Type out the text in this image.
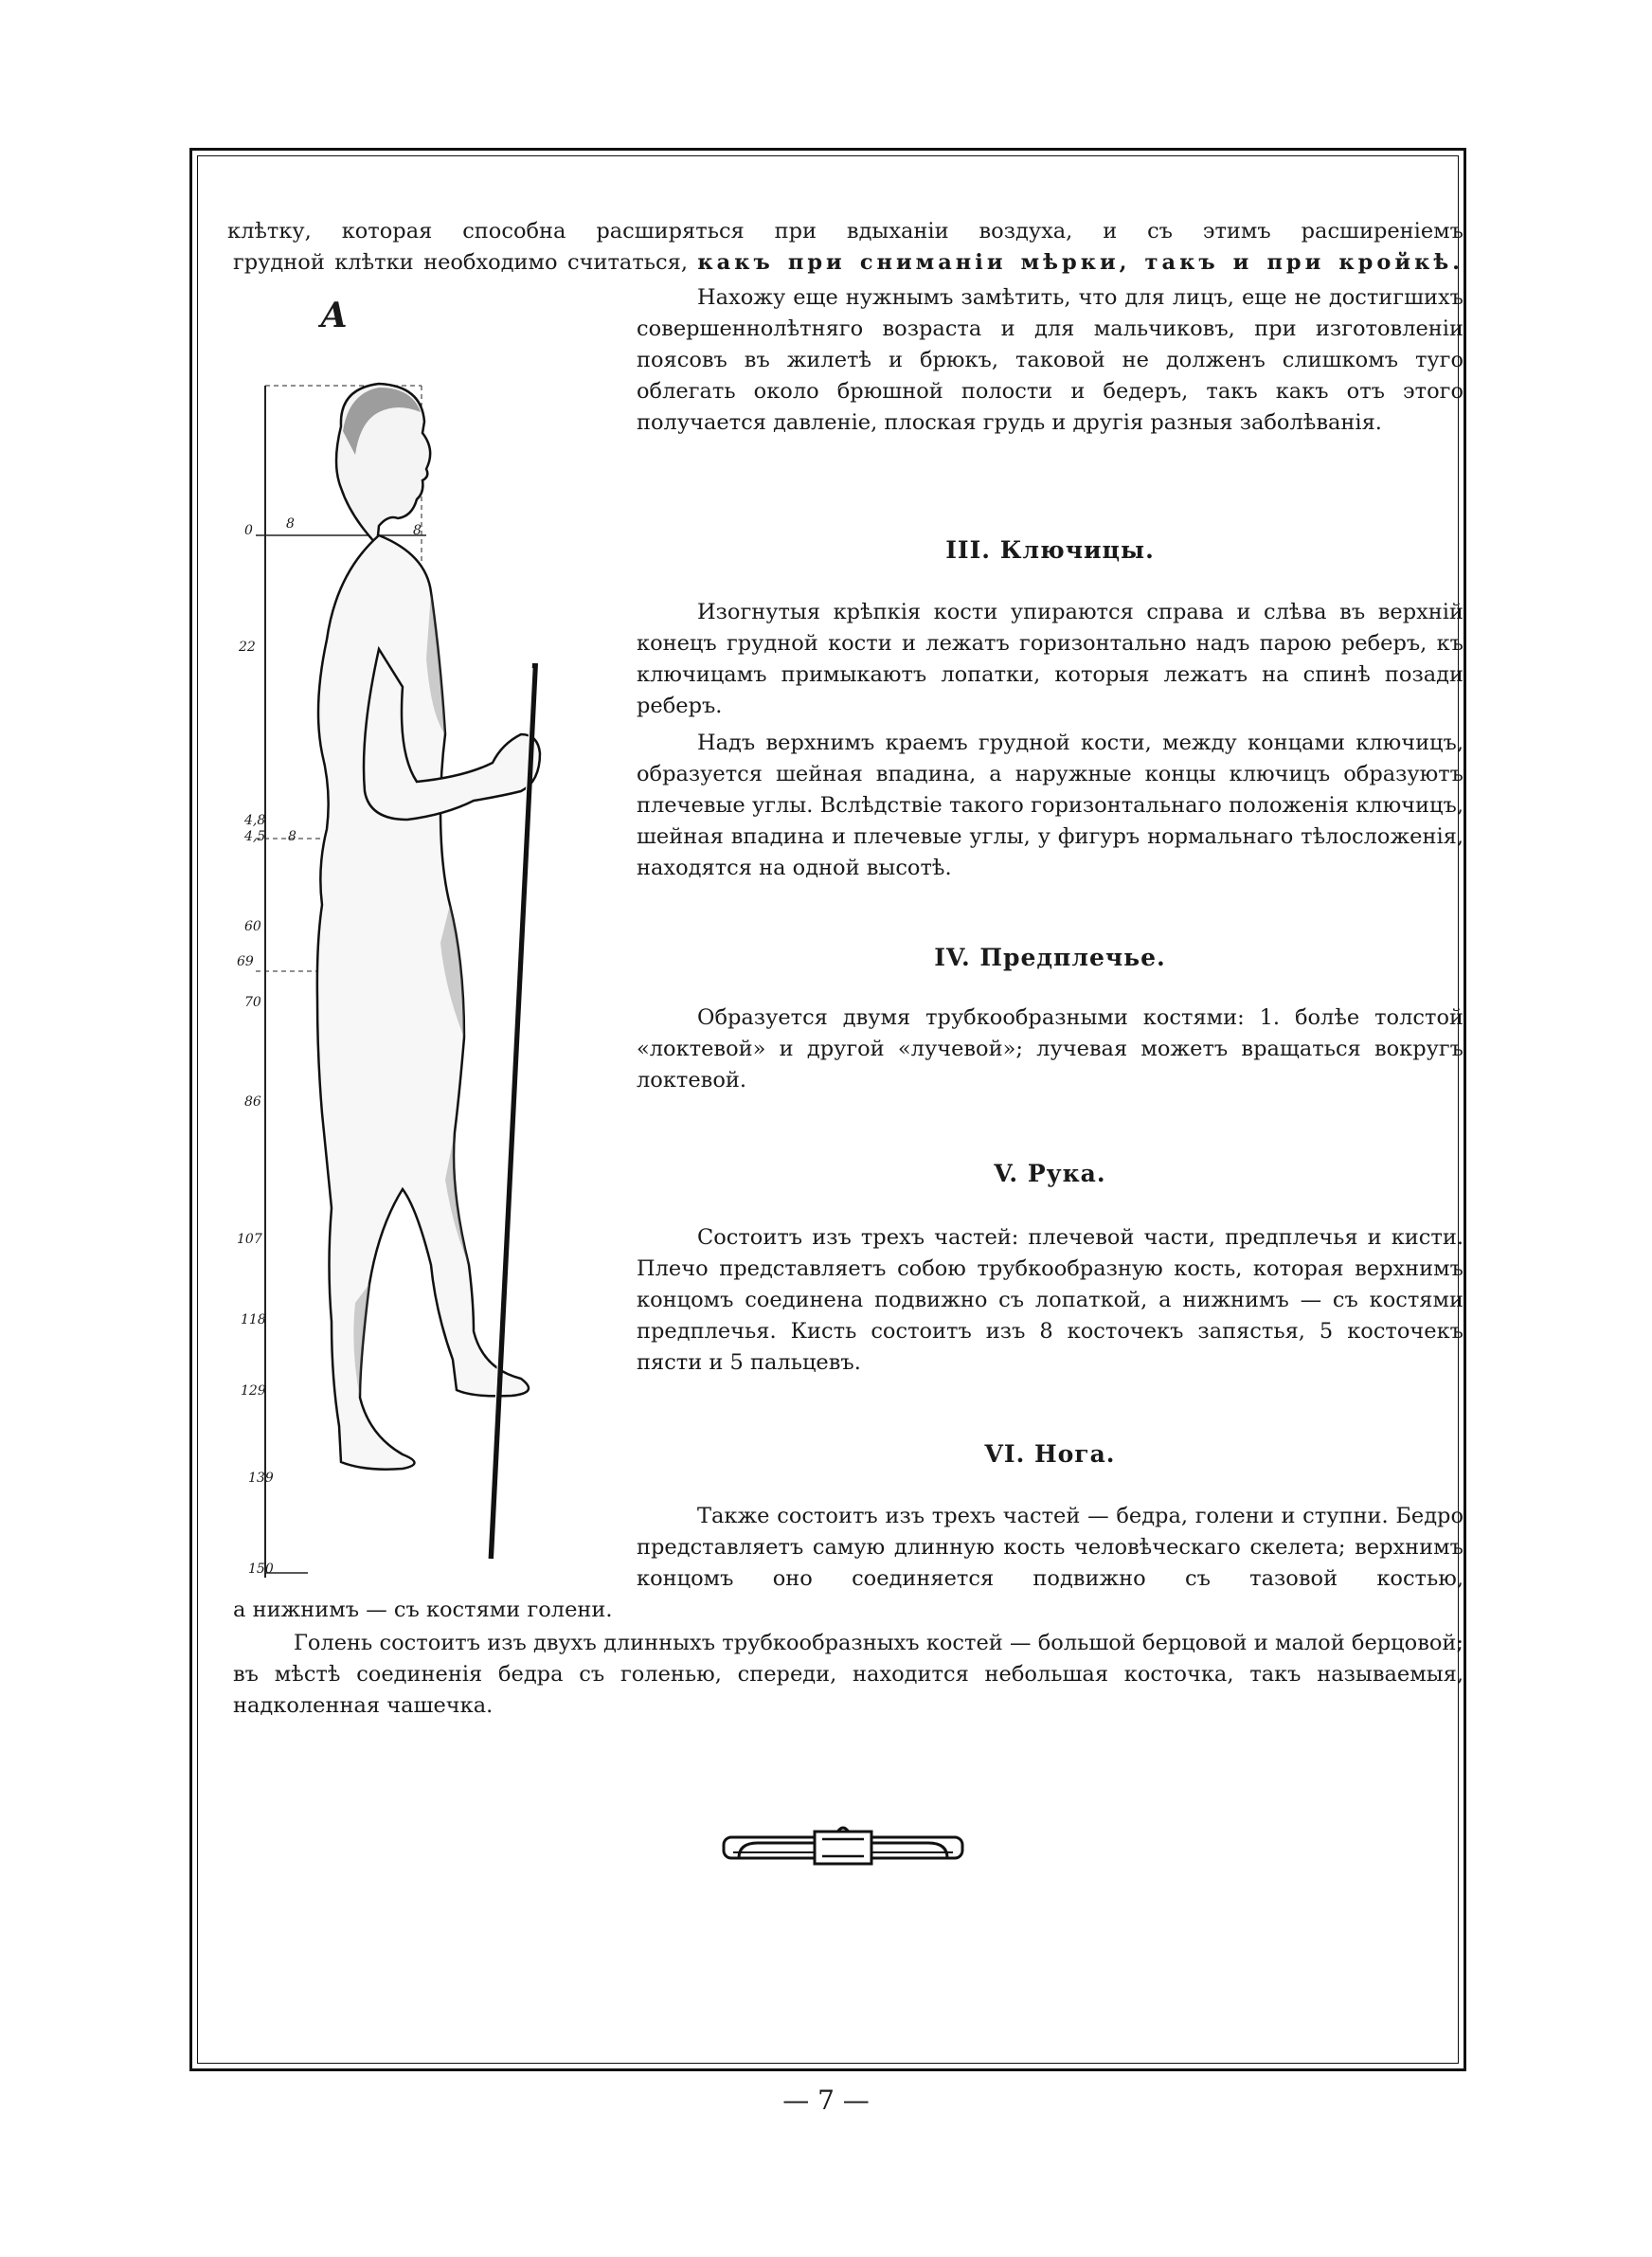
клѣтку, которая способна расширяться при вдыханіи воздуха, и съ этимъ расширеніемъ

грудной клѣтки необходимо считаться, какъ при сниманіи мѣрки, такъ и при кройкѣ.

А
0	8	8
22
4,8
4,5 8
60
69
70
86
107
118
129
139
150

Нахожу еще нужнымъ замѣтить, что для лицъ, еще не достигшихъ совершеннолѣтняго возраста и для мальчиковъ, при изготовленіи поясовъ въ жилетѣ и брюкъ, таковой не долженъ слишкомъ туго облегать около брюшной полости и бедеръ, такъ какъ отъ этого получается давленіе, плоская грудь и другія разныя заболѣванія.

III. Ключицы.

Изогнутыя крѣпкія кости упираются справа и слѣва въ верхній конецъ грудной кости и лежатъ горизонтально надъ парою реберъ, къ ключицамъ примыкаютъ лопатки, которыя лежатъ на спинѣ позади реберъ.

Надъ верхнимъ краемъ грудной кости, между концами ключицъ, образуется шейная впадина, а наружные концы ключицъ образуютъ плечевые углы. Вслѣдствіе такого горизонтальнаго положенія ключицъ, шейная впадина и плечевые углы, у фигуръ нормальнаго тѣлосложенія, находятся на одной высотѣ.

IV. Предплечье.

Образуется двумя трубкообразными костями: 1. болѣе толстой «локтевой» и другой «лучевой»; лучевая можетъ вращаться вокругъ локтевой.

V. Рука.

Состоитъ изъ трехъ частей: плечевой части, предплечья и кисти. Плечо представляетъ собою трубкообразную кость, которая верхнимъ концомъ соединена подвижно съ лопаткой, а нижнимъ — съ костями предплечья. Кисть состоитъ изъ 8 косточекъ запястья, 5 косточекъ пясти и 5 пальцевъ.

VI. Нога.

Также состоитъ изъ трехъ частей — бедра, голени и ступни. Бедро представляетъ самую длинную кость человѣческаго скелета; верхнимъ концомъ оно соединяется подвижно съ тазовой костью,

а нижнимъ — съ костями голени.

Голень состоитъ изъ двухъ длинныхъ трубкообразныхъ костей — большой берцовой и малой берцовой; въ мѣстѣ соединенія бедра съ голенью, спереди, находится небольшая косточка, такъ называемыя, надколенная чашечка.

— 7 —
